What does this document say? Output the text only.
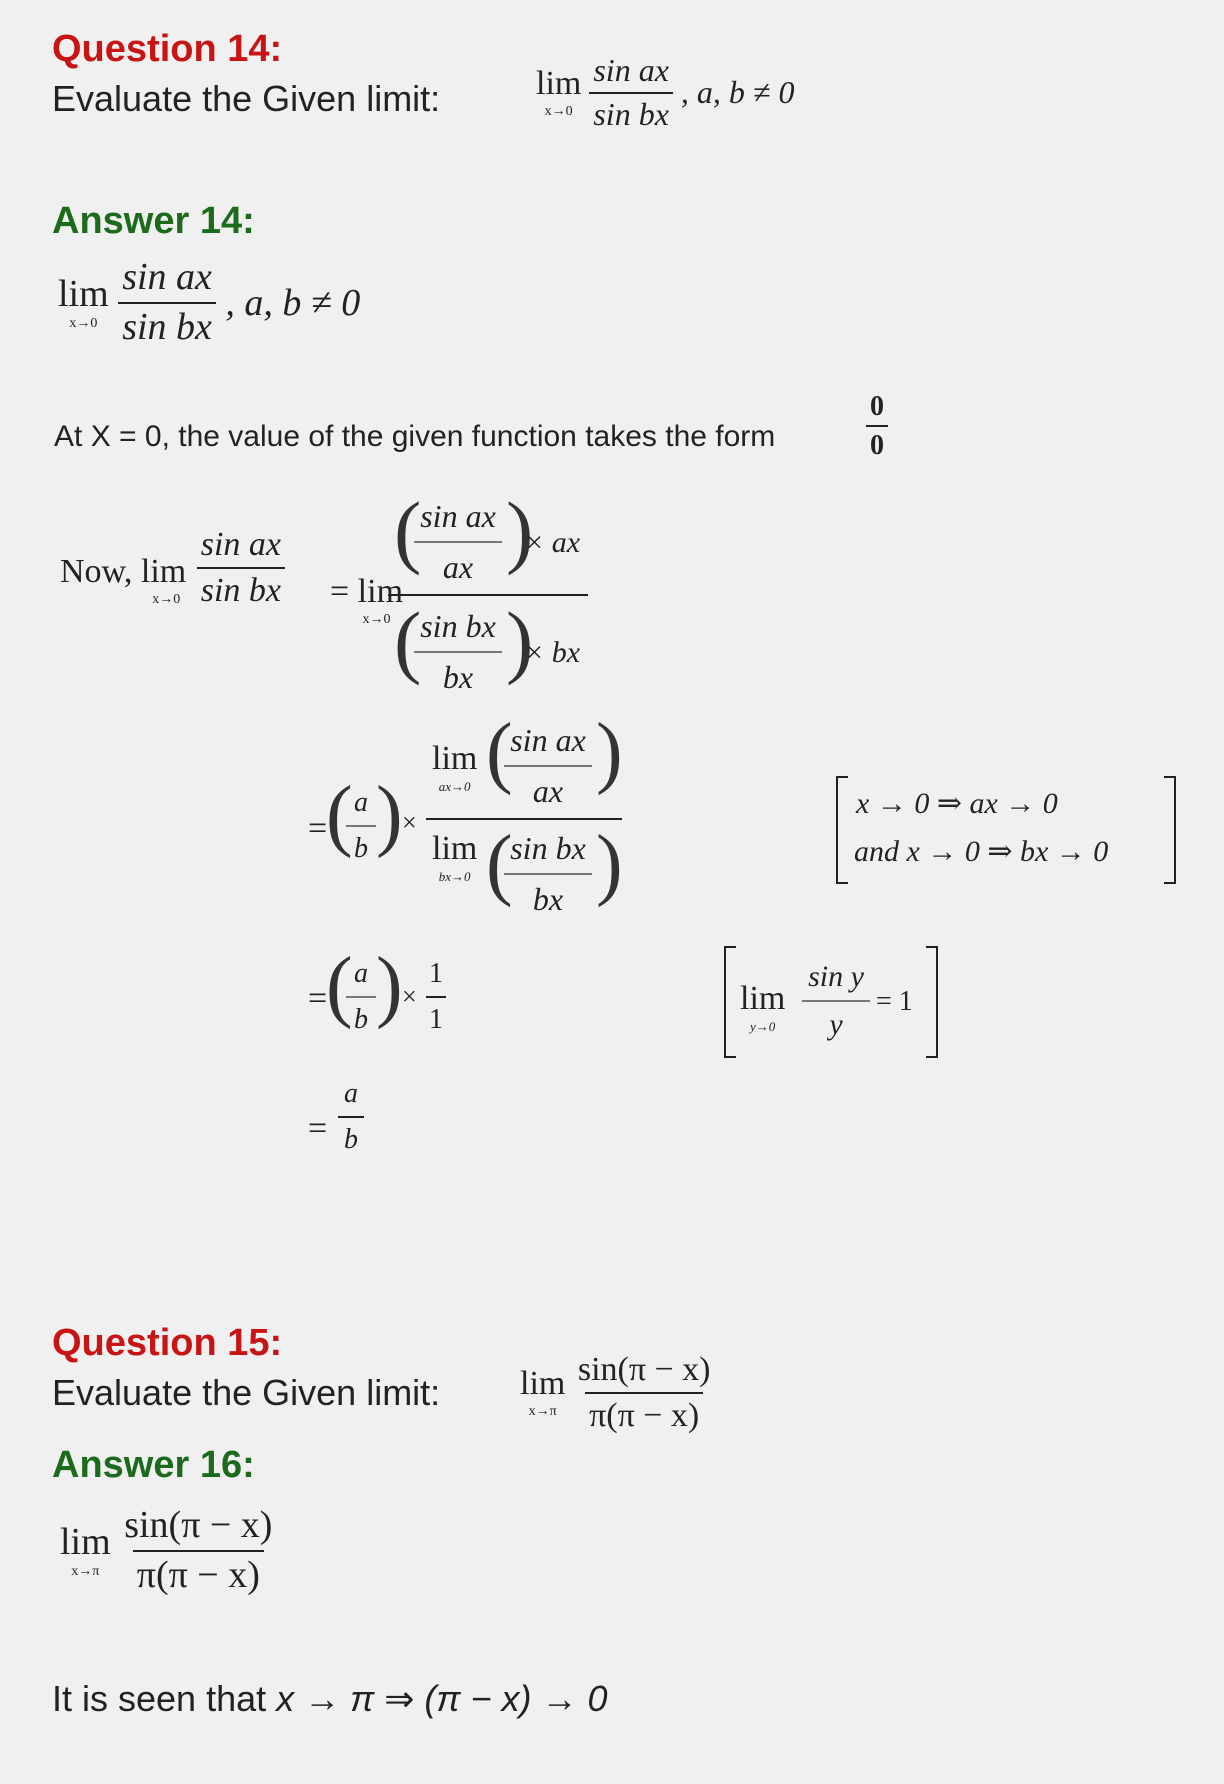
Question 14:
Evaluate the Given limit:	lim
x→0
$\frac{\text{sin ax}}{\text{sin bx}}$ , a, b ≠ 0
Answer 14:
lim
x→0
$\frac{\text{sin ax}}{\text{sin bx}}$ , a, b ≠ 0
At X = 0, the value of the given function takes the form	$\frac{0}{0}$
Now, lim
x→0
$\frac{\text{sin ax}}{\text{sin bx}} = \lim$
x→0
(
sin ax
ax )
× ax
(
sin bx
bx )
× bx
=
( a
b ) ×
lim
ax→0 (
sin ax
ax )
lim
bx→0 (
sin bx
bx )
x → 0 ⇒ ax → 0
and x → 0 ⇒ bx → 0
=
( a
b ) ×
1
1
lim
y→0
sin y
y
= 1
=
a
b
Question 15:
Evaluate the Given limit: lim
x→π
$\frac{\sin(\pi - x)}{\pi(\pi - x)}$
Answer 16:
lim
x→π
$\frac{\sin(\pi - x)}{\pi(\pi - x)}$
It is seen that x → π ⇒ (π − x) → 0
